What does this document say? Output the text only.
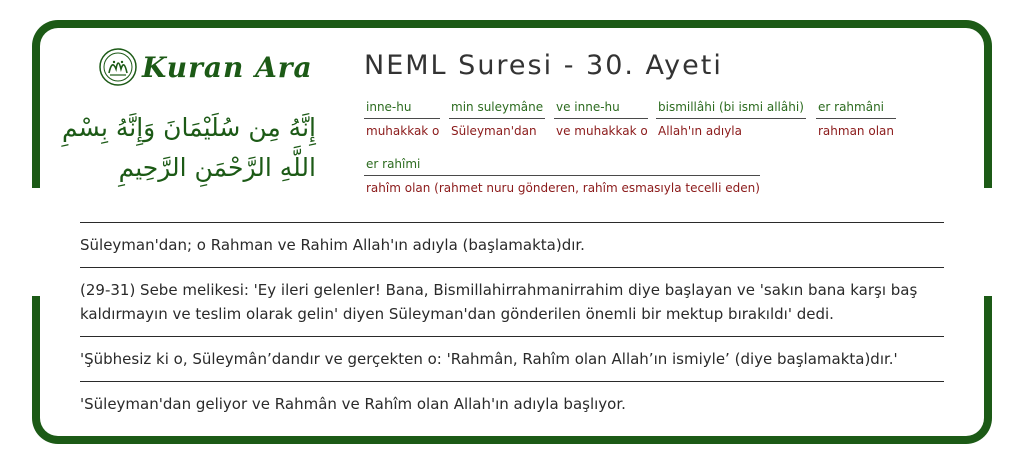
Kuran Ara
إِنَّهُ مِن سُلَيْمَانَ وَإِنَّهُ بِسْمِ اللَّهِ الرَّحْمَنِ الرَّحِيمِ
NEML Suresi - 30. Ayeti
inne-hu
muhakkak o
min suleymâne
Süleyman'dan
ve inne-hu
ve muhakkak o
bismillâhi (bi ismi allâhi)
Allah'ın adıyla
er rahmâni
rahman olan
er rahîmi
rahîm olan (rahmet nuru gönderen, rahîm esmasıyla tecelli eden)

Süleyman'dan; o Rahman ve Rahim Allah'ın adıyla (başlamakta)dır.

(29-31) Sebe melikesi: 'Ey ileri gelenler! Bana, Bismillahirrahmanirrahim diye başlayan ve 'sakın bana karşı baş kaldırmayın ve teslim olarak gelin' diyen Süleyman'dan gönderilen önemli bir mektup bırakıldı' dedi.

'Şübhesiz ki o, Süleymân’dandır ve gerçekten o: 'Rahmân, Rahîm olan Allah’ın ismiyle’ (diye başlamakta)dır.'

'Süleyman'dan geliyor ve Rahmân ve Rahîm olan Allah'ın adıyla başlıyor.
